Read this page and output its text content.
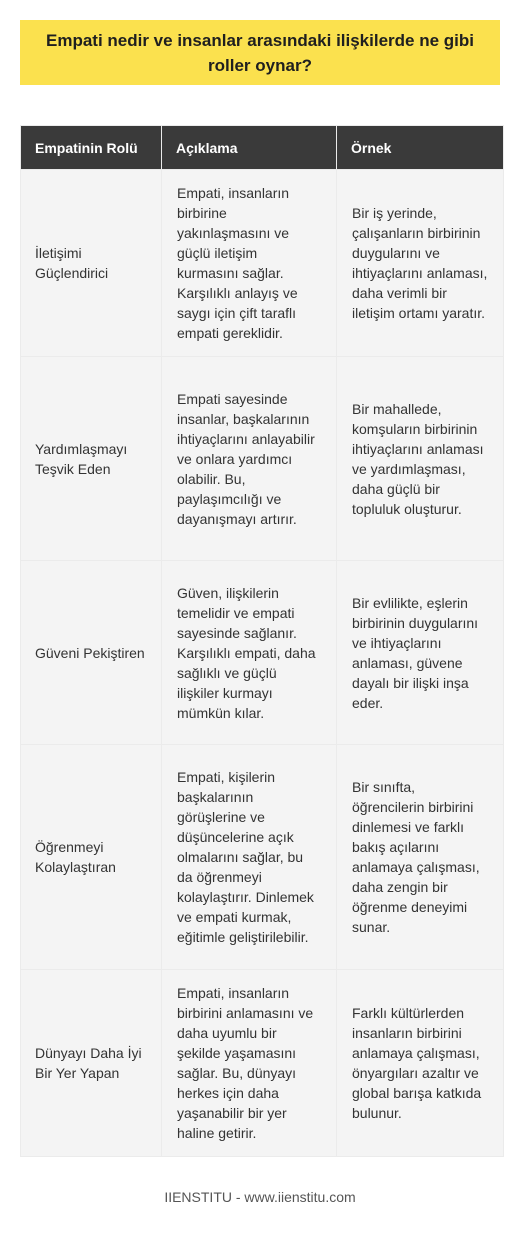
Empati nedir ve insanlar arasındaki ilişkilerde ne gibi roller oynar?
Empatinin Rolü	Açıklama	Örnek
İletişimi Güçlendirici	Empati, insanların birbirine yakınlaşmasını ve güçlü iletişim kurmasını sağlar. Karşılıklı anlayış ve saygı için çift taraflı empati gereklidir.	Bir iş yerinde, çalışanların birbirinin duygularını ve ihtiyaçlarını anlaması, daha verimli bir iletişim ortamı yaratır.
Yardımlaşmayı Teşvik Eden	Empati sayesinde insanlar, başkalarının ihtiyaçlarını anlayabilir ve onlara yardımcı olabilir. Bu, paylaşımcılığı ve dayanışmayı artırır.	Bir mahallede, komşuların birbirinin ihtiyaçlarını anlaması ve yardımlaşması, daha güçlü bir topluluk oluşturur.
Güveni Pekiştiren	Güven, ilişkilerin temelidir ve empati sayesinde sağlanır. Karşılıklı empati, daha sağlıklı ve güçlü ilişkiler kurmayı mümkün kılar.	Bir evlilikte, eşlerin birbirinin duygularını ve ihtiyaçlarını anlaması, güvene dayalı bir ilişki inşa eder.
Öğrenmeyi Kolaylaştıran	Empati, kişilerin başkalarının görüşlerine ve düşüncelerine açık olmalarını sağlar, bu da öğrenmeyi kolaylaştırır. Dinlemek ve empati kurmak, eğitimle geliştirilebilir.	Bir sınıfta, öğrencilerin birbirini dinlemesi ve farklı bakış açılarını anlamaya çalışması, daha zengin bir öğrenme deneyimi sunar.
Dünyayı Daha İyi Bir Yer Yapan	Empati, insanların birbirini anlamasını ve daha uyumlu bir şekilde yaşamasını sağlar. Bu, dünyayı herkes için daha yaşanabilir bir yer haline getirir.	Farklı kültürlerden insanların birbirini anlamaya çalışması, önyargıları azaltır ve global barışa katkıda bulunur.
IIENSTITU - www.iienstitu.com
